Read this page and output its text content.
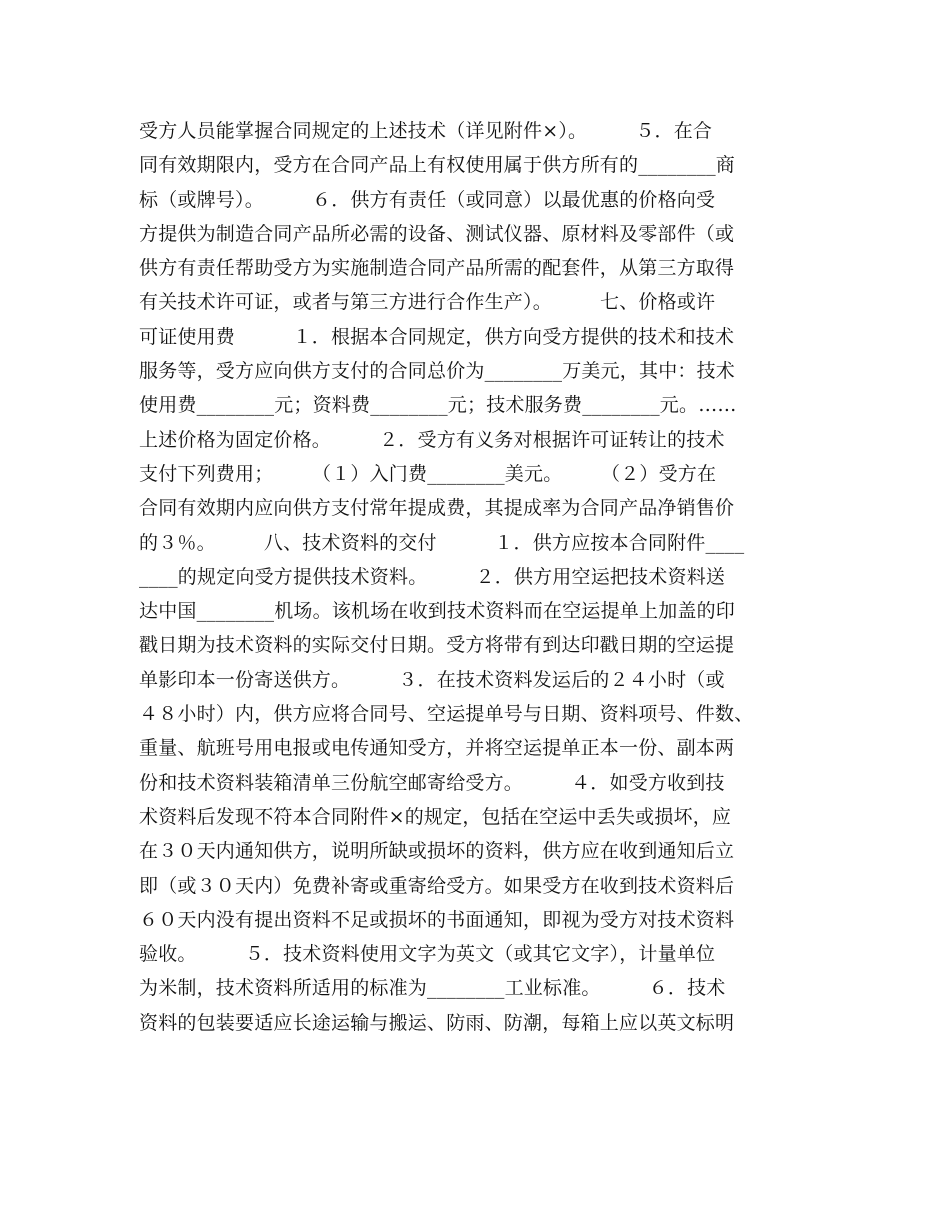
受方人员能掌握合同规定的上述技术（详见附件×）。　　　５．在合
同有效期限内，受方在合同产品上有权使用属于供方所有的________商
标（或牌号）。　　　６．供方有责任（或同意）以最优惠的价格向受
方提供为制造合同产品所必需的设备、测试仪器、原材料及零部件（或
供方有责任帮助受方为实施制造合同产品所需的配套件，从第三方取得
有关技术许可证，或者与第三方进行合作生产）。　　　七、价格或许
可证使用费　　　１．根据本合同规定，供方向受方提供的技术和技术
服务等，受方应向供方支付的合同总价为________万美元，其中：技术
使用费________元；资料费________元；技术服务费________元。……
上述价格为固定价格。　　　２．受方有义务对根据许可证转让的技术
支付下列费用；　　　（１）入门费________美元。　　　（２）受方在
合同有效期内应向供方支付常年提成费，其提成率为合同产品净销售价
的３％。　　　八、技术资料的交付　　　１．供方应按本合同附件____
____的规定向受方提供技术资料。　　　２．供方用空运把技术资料送
达中国________机场。该机场在收到技术资料而在空运提单上加盖的印
戳日期为技术资料的实际交付日期。受方将带有到达印戳日期的空运提
单影印本一份寄送供方。　　　３．在技术资料发运后的２４小时（或
４８小时）内，供方应将合同号、空运提单号与日期、资料项号、件数、
重量、航班号用电报或电传通知受方，并将空运提单正本一份、副本两
份和技术资料装箱清单三份航空邮寄给受方。　　　４．如受方收到技
术资料后发现不符本合同附件×的规定，包括在空运中丢失或损坏，应
在３０天内通知供方，说明所缺或损坏的资料，供方应在收到通知后立
即（或３０天内）免费补寄或重寄给受方。如果受方在收到技术资料后
６０天内没有提出资料不足或损坏的书面通知，即视为受方对技术资料
验收。　　　５．技术资料使用文字为英文（或其它文字），计量单位
为米制，技术资料所适用的标准为________工业标准。　　　６．技术
资料的包装要适应长途运输与搬运、防雨、防潮，每箱上应以英文标明
